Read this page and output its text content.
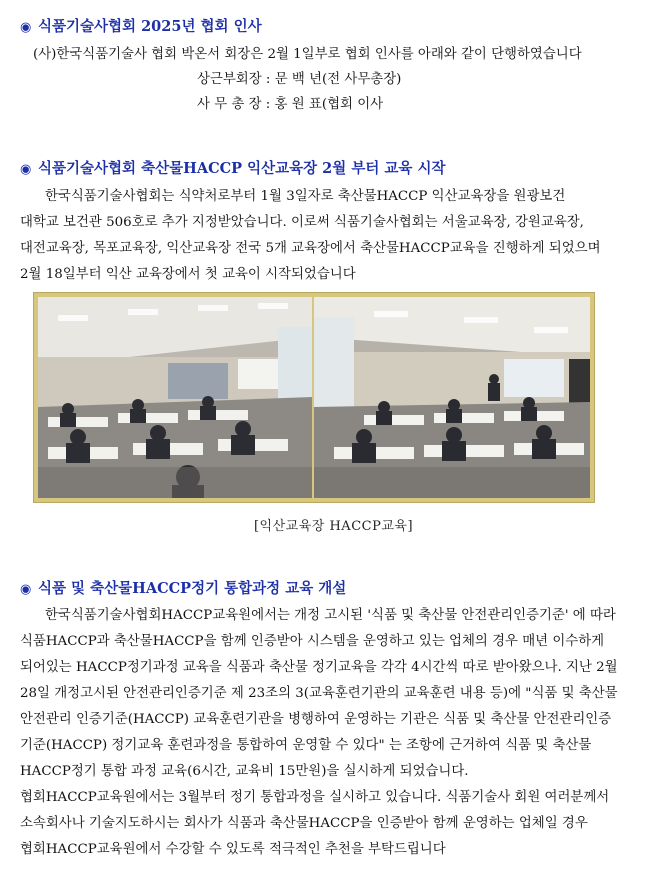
◉ 식품기술사협회 2025년 협회 인사
(사)한국식품기술사 협회 박온서 회장은 2월 1일부로 협회 인사를 아래와 같이 단행하였습니다
상근부회장 : 문 백 년(전 사무총장)
사 무 총 장 : 홍 원 표(협회 이사
◉ 식품기술사협회 축산물HACCP 익산교육장 2월 부터 교육 시작
한국식품기술사협회는 식약처로부터 1월 3일자로 축산물HACCP 익산교육장을 원광보건
대학교 보건관 506호로 추가 지정받았습니다. 이로써 식품기술사협회는 서울교육장, 강원교육장,
대전교육장, 목포교육장, 익산교육장 전국 5개 교육장에서 축산물HACCP교육을 진행하게 되었으며
2월 18일부터 익산 교육장에서 첫 교육이 시작되었습니다
[익산교육장 HACCP교육]
◉ 식품 및 축산물HACCP정기 통합과정 교육 개설
한국식품기술사협회HACCP교육원에서는 개정 고시된 '식품 및 축산물 안전관리인증기준' 에 따라
식품HACCP과 축산물HACCP을 함께 인증받아 시스템을 운영하고 있는 업체의 경우 매년 이수하게
되어있는 HACCP정기과정 교육을 식품과 축산물 정기교육을 각각 4시간씩 따로 받아왔으나. 지난 2월
28일 개정고시된 안전관리인증기준 제 23조의 3(교육훈련기관의 교육훈련 내용 등)에 "식품 및 축산물
안전관리 인증기준(HACCP) 교육훈련기관을 병행하여 운영하는 기관은 식품 및 축산물 안전관리인증
기준(HACCP) 정기교육 훈련과정을 통합하여 운영할 수 있다" 는 조항에 근거하여 식품 및 축산물
HACCP정기 통합 과정 교육(6시간, 교육비 15만원)을 실시하게 되었습니다.
협회HACCP교육원에서는 3월부터 정기 통합과정을 실시하고 있습니다. 식품기술사 회원 여러분께서
소속회사나 기술지도하시는 회사가 식품과 축산물HACCP을 인증받아 함께 운영하는 업체일 경우
협회HACCP교육원에서 수강할 수 있도록 적극적인 추천을 부탁드립니다
